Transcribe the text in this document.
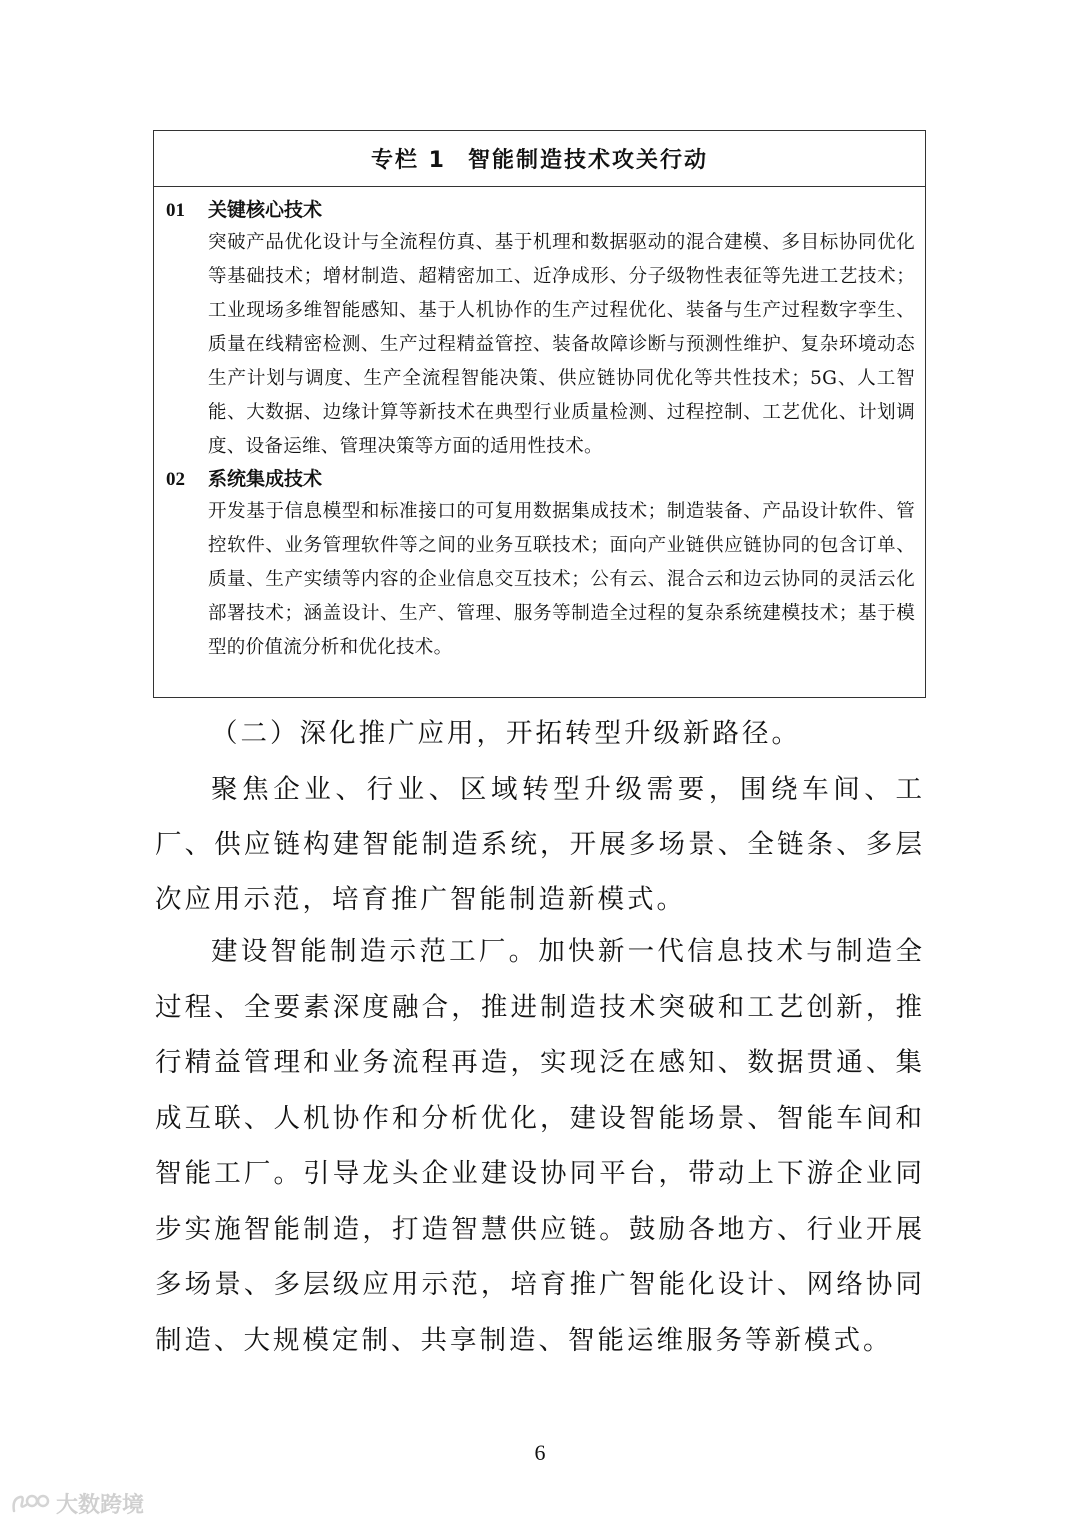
专栏 1 智能制造技术攻关行动
01	关键核心技术
突破产品优化设计与全流程仿真、基于机理和数据驱动的混合建模、多目标协同优化等基础技术；增材制造、超精密加工、近净成形、分子级物性表征等先进工艺技术；工业现场多维智能感知、基于人机协作的生产过程优化、装备与生产过程数字孪生、质量在线精密检测、生产过程精益管控、装备故障诊断与预测性维护、复杂环境动态生产计划与调度、生产全流程智能决策、供应链协同优化等共性技术；5G、人工智能、大数据、边缘计算等新技术在典型行业质量检测、过程控制、工艺优化、计划调度、设备运维、管理决策等方面的适用性技术。
02	系统集成技术
开发基于信息模型和标准接口的可复用数据集成技术；制造装备、产品设计软件、管控软件、业务管理软件等之间的业务互联技术；面向产业链供应链协同的包含订单、质量、生产实绩等内容的企业信息交互技术；公有云、混合云和边云协同的灵活云化部署技术；涵盖设计、生产、管理、服务等制造全过程的复杂系统建模技术；基于模型的价值流分析和优化技术。
（二）深化推广应用，开拓转型升级新路径。
聚焦企业、行业、区域转型升级需要，围绕车间、工厂、供应链构建智能制造系统，开展多场景、全链条、多层次应用示范，培育推广智能制造新模式。
建设智能制造示范工厂。加快新一代信息技术与制造全过程、全要素深度融合，推进制造技术突破和工艺创新，推行精益管理和业务流程再造，实现泛在感知、数据贯通、集成互联、人机协作和分析优化，建设智能场景、智能车间和智能工厂。引导龙头企业建设协同平台，带动上下游企业同步实施智能制造，打造智慧供应链。鼓励各地方、行业开展多场景、多层级应用示范，培育推广智能化设计、网络协同制造、大规模定制、共享制造、智能运维服务等新模式。
6
大数跨境
